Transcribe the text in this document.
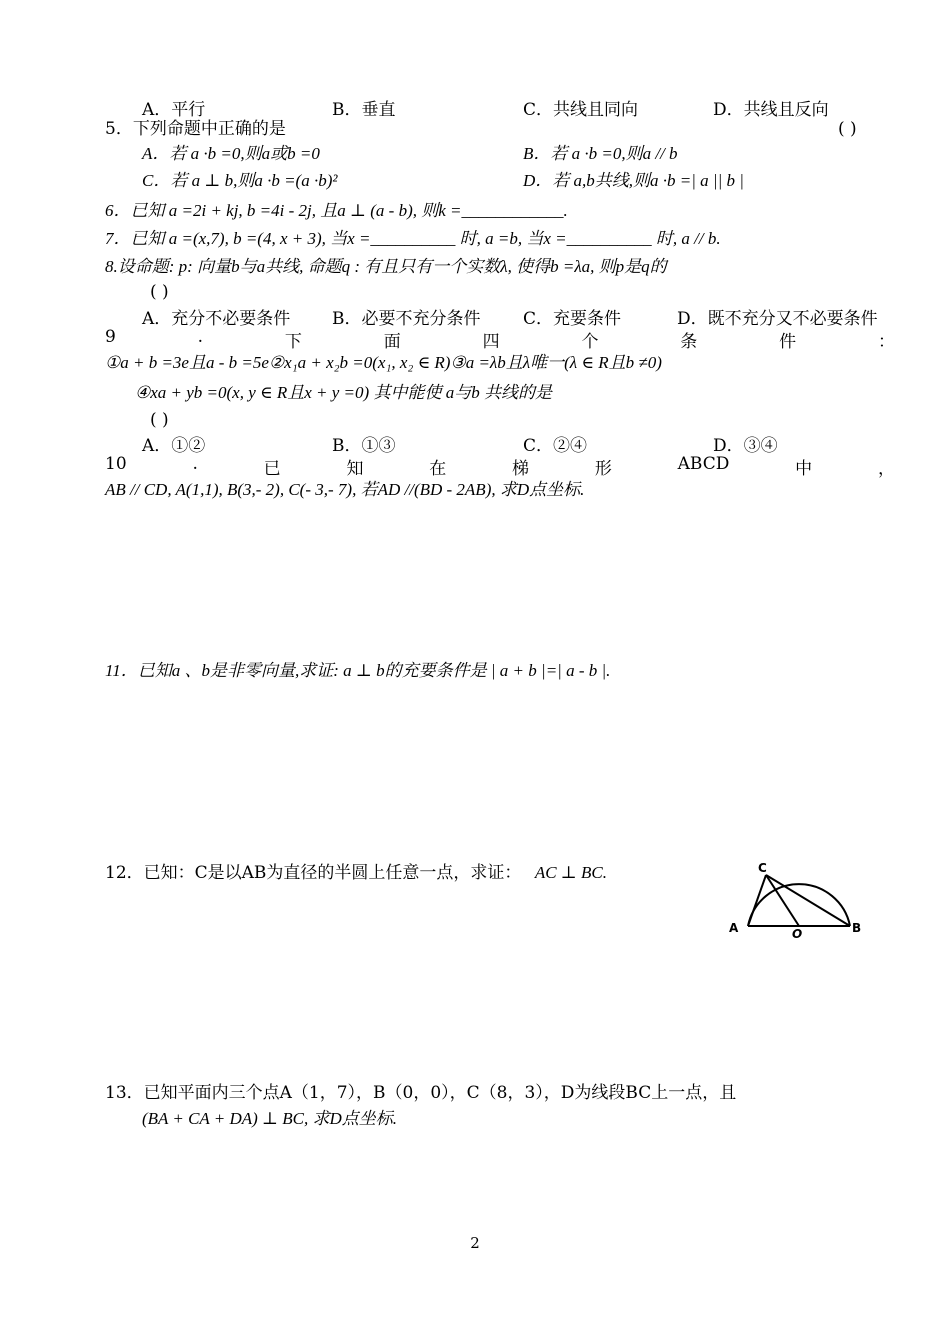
A．平行	B．垂直	C．共线且同向	D．共线且反向
5．下列命题中正确的是	( )
A．若 a ·b =0,则a或b =0	B．若 a ·b =0,则a // b
C．若 a ⊥ b,则a ·b =(a ·b)²	D．若 a,b共线,则a ·b =| a || b |
6．已知 a =2i + kj, b =4i - 2j, 且a ⊥ (a - b), 则k =____________.
7．已知 a =(x,7), b =(4, x + 3), 当x =__________ 时, a =b, 当x =__________ 时, a // b.
8.设命题: p: 向量b与a共线, 命题q : 有且只有一个实数λ, 使得b =λa, 则p是q的
( )
A．充分不必要条件 B．必要不充分条件	C．充要条件	D．既不充分又不必要条件
9	.	下	面	四	个	条	件	：
①a + b =3e且a - b =5e②x₁a + x₂b =0(x₁, x₂ ∈ R)③a =λb且λ唯一(λ ∈ R且b ≠0)
④xa + yb =0(x, y ∈ R且x + y =0) 其中能使 a与b 共线的是
( )
A．①②	B．①③	C．②④	D．③④
10	.	已	知	在	梯	形	ABCD	中	，
AB // CD, A(1,1), B(3,- 2), C(- 3,- 7), 若AD //(BD - 2AB), 求D点坐标.
11．已知a 、b是非零向量,求证: a ⊥ b的充要条件是 | a + b |=| a - b |.
12．已知：C是以AB为直径的半圆上任意一点，求证： AC ⊥ BC.	C
A	O	B
13．已知平面内三个点A（1，7），B（0，0），C（8，3），D为线段BC上一点，且
(BA + CA + DA) ⊥ BC, 求D点坐标.
2
